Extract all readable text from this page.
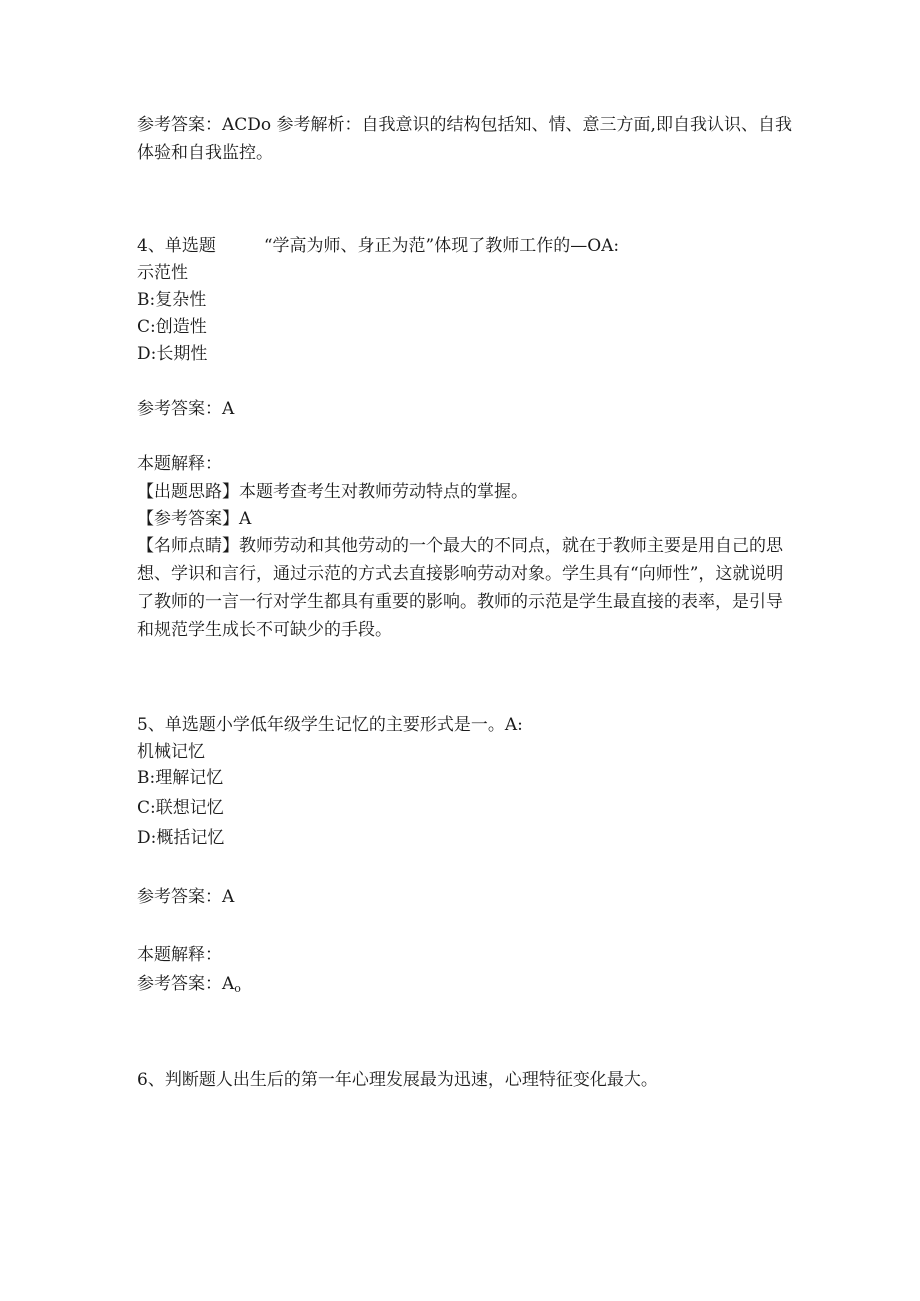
参考答案：ACDo 参考解析：自我意识的结构包括知、情、意三方面,即自我认识、自我体验和自我监控。
4、单选题	“学高为师、身正为范”体现了教师工作的—OA:
示范性
B:复杂性
C:创造性
D:长期性
参考答案：A
本题解释：
【出题思路】本题考查考生对教师劳动特点的掌握。
【参考答案】A
【名师点睛】教师劳动和其他劳动的一个最大的不同点，就在于教师主要是用自己的思想、学识和言行，通过示范的方式去直接影响劳动对象。学生具有“向师性”，这就说明了教师的一言一行对学生都具有重要的影响。教师的示范是学生最直接的表率，是引导和规范学生成长不可缺少的手段。
5、单选题小学低年级学生记忆的主要形式是一。A:
机械记忆
B:理解记忆
C:联想记忆
D:概括记忆
参考答案：A
本题解释：
参考答案：$A_o$
6、判断题人出生后的第一年心理发展最为迅速，心理特征变化最大。
